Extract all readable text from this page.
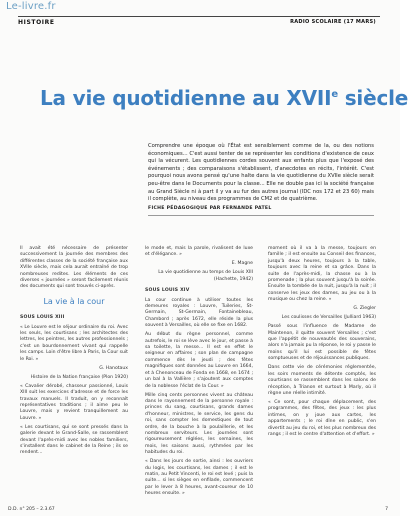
Le-livre.fr
HISTOIRE	RADIO SCOLAIRE (17 MARS)
La vie quotidienne au XVIIe siècle
Comprendre une époque où l'État est sensiblement comme de la, ou des notions économiques... C'est aussi tenter de se représenter les conditions d'existence de ceux qui la vécurent. Les quotidiennes cordes souvent aux enfants plus que l'exposé des événements ; des comparaisons s'établissent, d'anecdotes en récits, l'intérêt. C'est pourquoi nous avons pensé qu'une halte dans la vie quotidienne du XVIIe siècle serait peu-être dans le Documents pour la classe... Elle ne double pas ici la société française au Grand Siècle ni à part il y va au fur des autres journal (IDC nos 172 et 23 60) mais il complète, au niveau des programmes de CM2 et de quatrième.
FICHE PÉDAGOGIQUE PAR FERNANDE PATEL

Il avait été nécessaire de présenter successivement la journée des membres des différentes classes de la société française aux XVIIe siècle, mais cela aurait entraîné de trop nombreuses redites. Les éléments de ces diverses « journées » seront facilement réunis des documents qui sont trouvés ci-après.

La vie à la cour
SOUS LOUIS XIII

« Le Louvre est le séjour ordinaire du roi. Avec les seuls, les courtisans ; les architectes des lettres, les peintres, les autres professionnels ; c'est un bourdonnement vivant qui rappelle les camps. Loin d'être libre à Paris, la Cour suit le Roi. »

G. Hanotaux
Histoire de la Nation française (Plon 1920)

« Cavalier dérobé, chasseur passionné, Louis XIII suit les exercices d'adresse et de force les travaux manuels. Il traduit, on y reconnaît représentatives traditions ; il aime peu le Louvre, mais y revient tranquillement au Louvre. »

« Les courtisans, qui se sont pressés dans la galerie devant le Grand-Salle, se rassemblent devant l'après-midi avec les nobles familiers, s'installent dans le cabinet de la Reine ; ils se rendent...

le mode et, mais la parole, rivalisent de luxe et d'élégance. »

E. Magne
La vie quotidienne au temps de Louis XIII (Hachette, 1942)
SOUS LOUIS XIV

La cour continue à utiliser toutes les demeures royales : Louvre, Tuileries, St-Germain, St-Germain, Fontainebleau, Chambord ; après 1672, elle réside la plus souvent à Versailles, où elle se fixe en 1682.

Au début du règne personnel, comme autrefois, le roi se lève avec le jour, et passe à sa toilette, la messe... Il est en effet le seigneur en affaires ; son plan de campagne commence dès le jeudi ; des fêtes magnifiques sont données au Louvre en 1664, et à Chenonceau de Fonda en 1668, en 1674 ; un bal à la Vallière ; s'ajoutent aux comptes de la noblesse l'éclat de la Cour. »

Mille cinq cents personnes vivent au château dans le rayonnement de la personne royale : princes du sang, courtisans, grands dames d'honneur, ministres, le service, les gens du roi, sans compter les domestiques de tout ordre, de la bouche à la poulaillerie, et les nombreux serviteurs. Les journées sont rigoureusement réglées, les semaines, les mois, les saisons aussi, rythmées par les habitudes du roi.

« Dans les jours de sortie, ainsi : les ouvriers du logis, les courtisans, les dames ; il est le matin, au Petit Vincenti, le roi est levé ; puis la suite... si les sièges en enfilade, commencent par le lever à 8 heures, avant-coureur de 10 heures ensuite. »

moment où il va à la messe, toujours en famille ; il est ensuite au Conseil des finances, jusqu'à deux heures, toujours à la table, toujours avec la reine et sa grâce. Dans la suite de l'après-midi, la chasse ou à la promenade ; la plus souvent jusqu'à la soirée. Ensuite la tombée de la nuit, jusqu'à la nuit ; il conserve les jeux des dames, au jeu ou à la musique ou chez la reine. »

G. Ziegler
Les coulisses de Versailles (Julliard 1963)

Passé sous l'influence de Madame de Maintenon, il quitte souvent Versailles ; c'est que l'appétit de nouveautés des souverains, alors n'a jamais pu la réponse, le roi y passe le moins qu'il lui est possible de fêtes somptueuses et de réjouissances publiques.

Dans cette vie de cérémonies réglementée, les soirs moments de détente comptés, les courtisans se rassemblent dans les salons de réception, à Trianon et surtout à Marly, où il règne une réelle intimité.

« Ce sont, pour chaque déplacement, des programmes, des fêtes, des jeux : les plus intimes, on y joue aux cartes, les appartements ; le roi dîne en public, s'en divertit au jeu du roi, et les plus nombreux des rangs ; il est le centre d'attention et d'effort. »

D.D. n° 205 – 2.3.67	7
